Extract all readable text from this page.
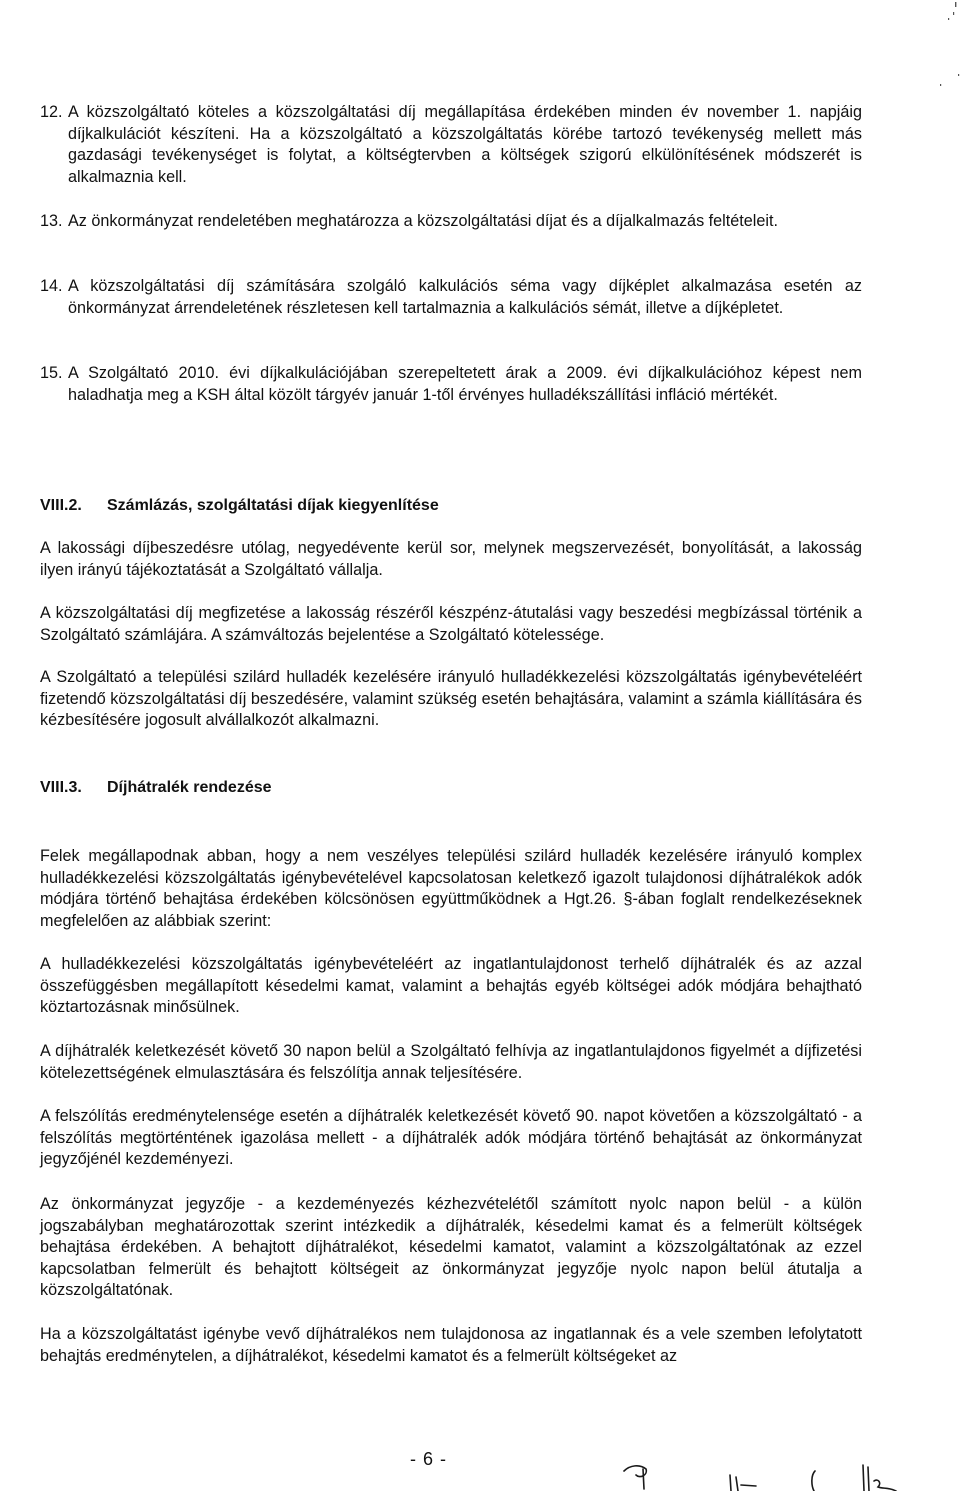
12. A közszolgáltató köteles a közszolgáltatási díj megállapítása érdekében minden év november 1. napjáig díjkalkulációt készíteni. Ha a közszolgáltató a közszolgáltatás körébe tartozó tevékenység mellett más gazdasági tevékenységet is folytat, a költségtervben a költségek szigorú elkülönítésének módszerét is alkalmaznia kell.
13. Az önkormányzat rendeletében meghatározza a közszolgáltatási díjat és a díjalkalmazás feltételeit.
14. A közszolgáltatási díj számítására szolgáló kalkulációs séma vagy díjképlet alkalmazása esetén az önkormányzat árrendeletének részletesen kell tartalmaznia a kalkulációs sémát, illetve a díjképletet.
15. A Szolgáltató 2010. évi díjkalkulációjában szerepeltetett árak a 2009. évi díjkalkulációhoz képest nem haladhatja meg a KSH által közölt tárgyév január 1-től érvényes hulladékszállítási infláció mértékét.
VIII.2. Számlázás, szolgáltatási díjak kiegyenlítése

A lakossági díjbeszedésre utólag, negyedévente kerül sor, melynek megszervezését, bonyolítását, a lakosság ilyen irányú tájékoztatását a Szolgáltató vállalja.

A közszolgáltatási díj megfizetése a lakosság részéről készpénz-átutalási vagy beszedési megbízással történik a Szolgáltató számlájára. A számváltozás bejelentése a Szolgáltató kötelessége.

A Szolgáltató a települési szilárd hulladék kezelésére irányuló hulladékkezelési közszolgáltatás igénybevételéért fizetendő közszolgáltatási díj beszedésére, valamint szükség esetén behajtására, valamint a számla kiállítására és kézbesítésére jogosult alvállalkozót alkalmazni.

VIII.3. Díjhátralék rendezése

Felek megállapodnak abban, hogy a nem veszélyes települési szilárd hulladék kezelésére irányuló komplex hulladékkezelési közszolgáltatás igénybevételével kapcsolatosan keletkező igazolt tulajdonosi díjhátralékok adók módjára történő behajtása érdekében kölcsönösen együttműködnek a Hgt.26. §-ában foglalt rendelkezéseknek megfelelően az alábbiak szerint:

A hulladékkezelési közszolgáltatás igénybevételéért az ingatlantulajdonost terhelő díjhátralék és az azzal összefüggésben megállapított késedelmi kamat, valamint a behajtás egyéb költségei adók módjára behajtható köztartozásnak minősülnek.

A díjhátralék keletkezését követő 30 napon belül a Szolgáltató felhívja az ingatlantulajdonos figyelmét a díjfizetési kötelezettségének elmulasztására és felszólítja annak teljesítésére.

A felszólítás eredménytelensége esetén a díjhátralék keletkezését követő 90. napot követően a közszolgáltató - a felszólítás megtörténtének igazolása mellett - a díjhátralék adók módjára történő behajtását az önkormányzat jegyzőjénél kezdeményezi.

Az önkormányzat jegyzője - a kezdeményezés kézhezvételétől számított nyolc napon belül - a külön jogszabályban meghatározottak szerint intézkedik a díjhátralék, késedelmi kamat és a felmerült költségek behajtása érdekében. A behajtott díjhátralékot, késedelmi kamatot, valamint a közszolgáltatónak az ezzel kapcsolatban felmerült és behajtott költségeit az önkormányzat jegyzője nyolc napon belül átutalja a közszolgáltatónak.

Ha a közszolgáltatást igénybe vevő díjhátralékos nem tulajdonosa az ingatlannak és a vele szemben lefolytatott behajtás eredménytelen, a díjhátralékot, késedelmi kamatot és a felmerült költségeket az

- 6 -
